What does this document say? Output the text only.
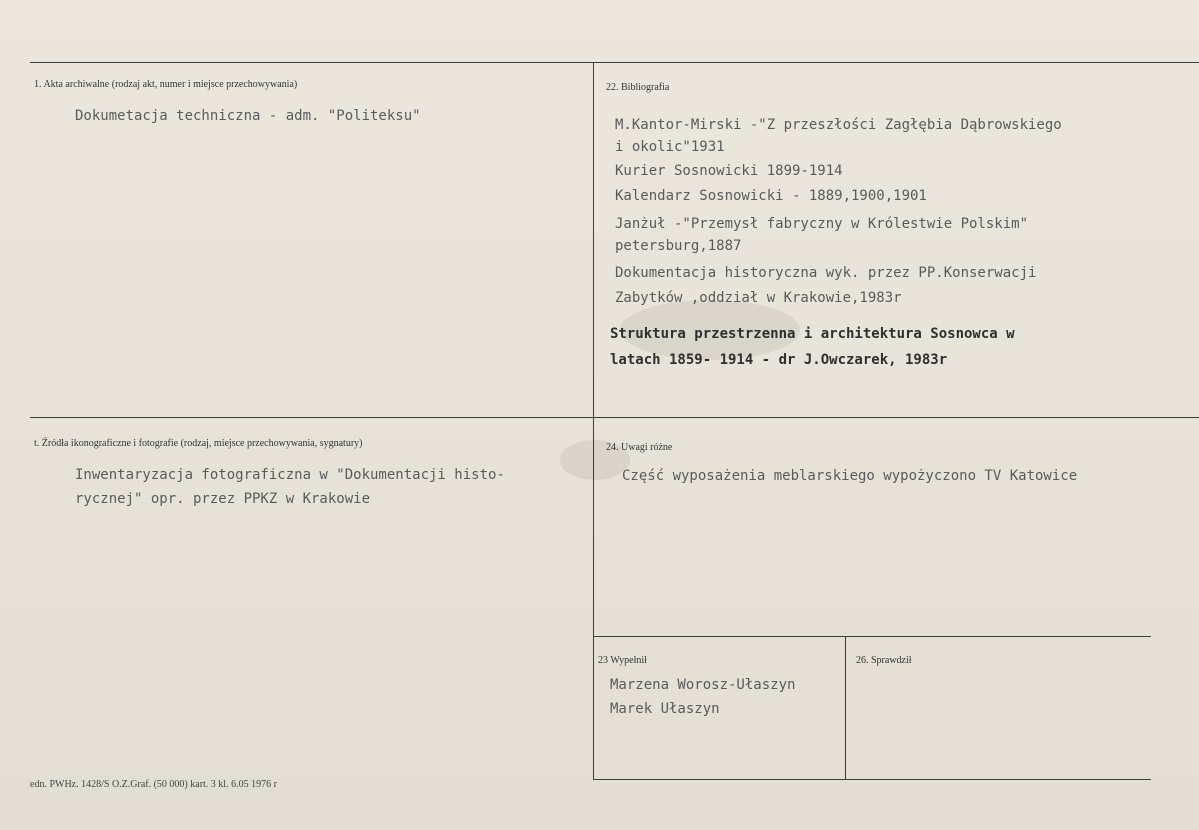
1. Akta archiwalne (rodzaj akt, numer i miejsce przechowywania)
Dokumetacja techniczna - adm. "Politeksu"
22. Bibliografia
M.Kantor-Mirski -"Z przeszłości Zagłębia Dąbrowskiego
i okolic"1931
Kurier Sosnowicki 1899-1914
Kalendarz Sosnowicki - 1889,1900,1901
Janżuł -"Przemysł fabryczny w Królestwie Polskim"
petersburg,1887
Dokumentacja historyczna wyk. przez PP.Konserwacji
Zabytków ,oddział w Krakowie,1983r
Struktura przestrzenna i architektura Sosnowca w
latach 1859- 1914 - dr J.Owczarek, 1983r
t. Źródła ikonograficzne i fotografie (rodzaj, miejsce przechowywania, sygnatury)
Inwentaryzacja fotograficzna w "Dokumentacji histo-
rycznej" opr. przez PPKZ w Krakowie
24. Uwagi różne
Część wyposażenia meblarskiego wypożyczono TV Katowice
23 Wypełnił
Marzena Worosz-Ułaszyn
Marek Ułaszyn
26. Sprawdził
edn. PWHz. 1428/S O.Z.Graf. (50 000) kart. 3 kl. 6.05 1976 r
